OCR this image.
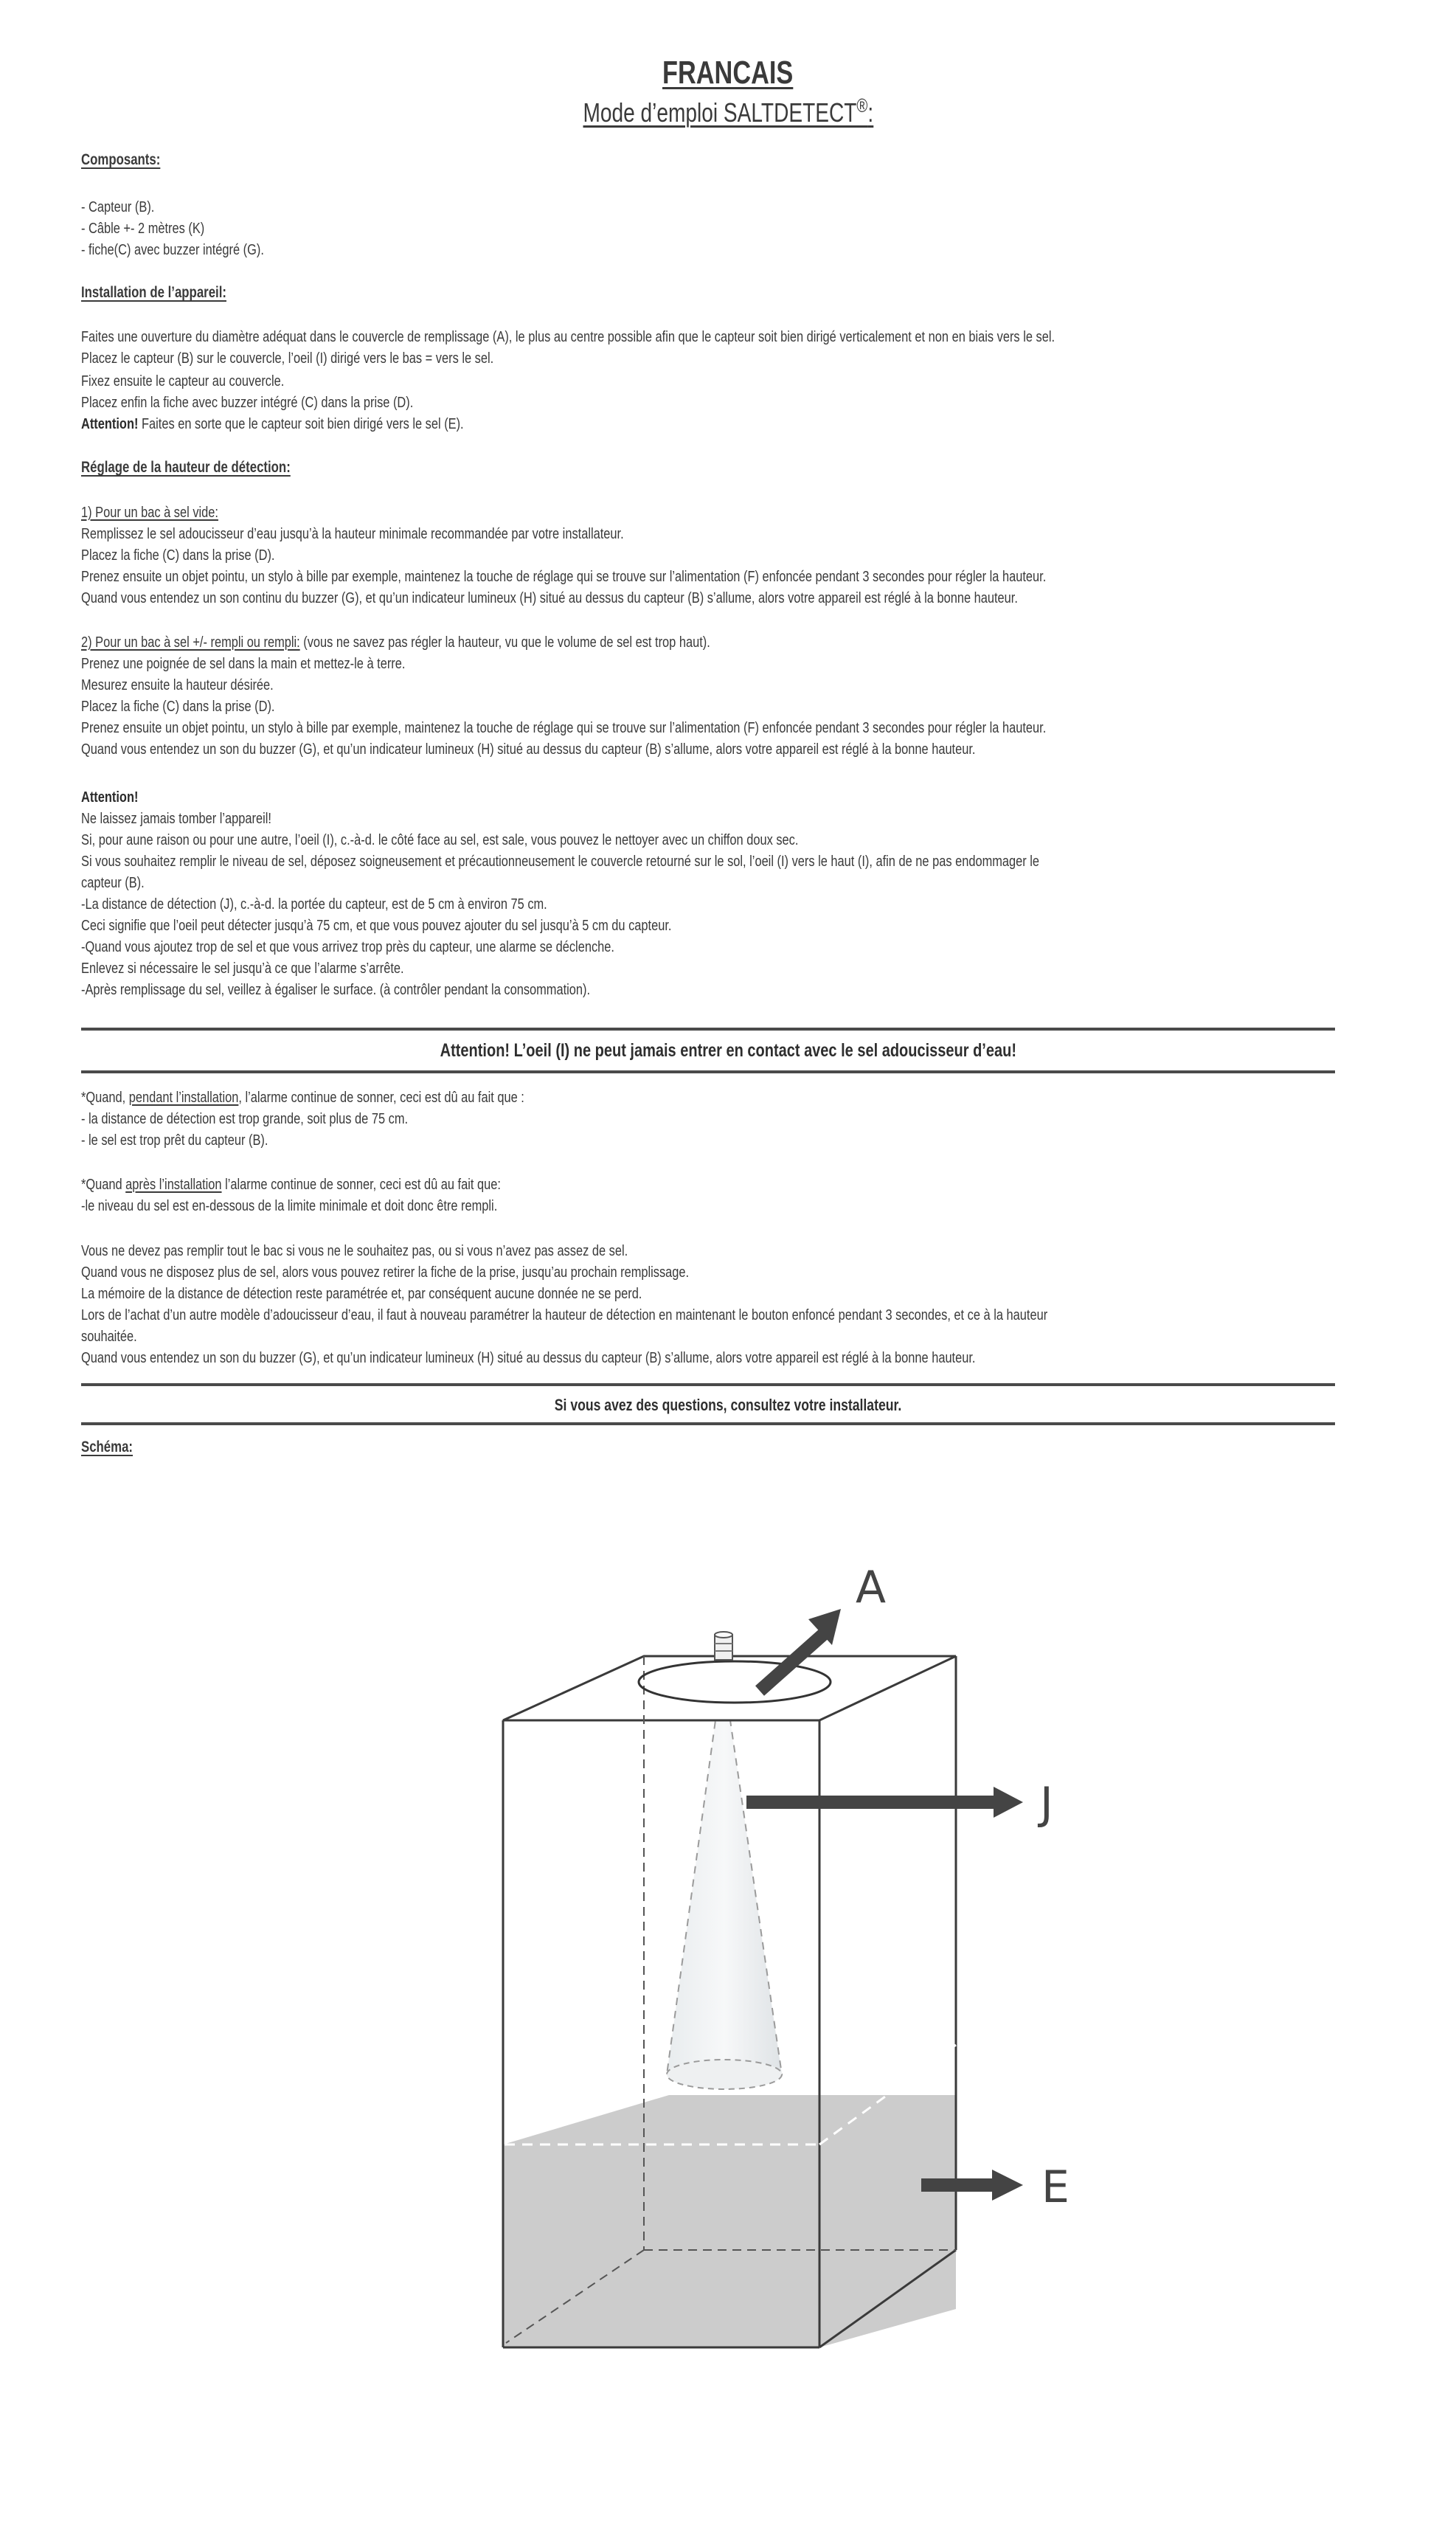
FRANCAIS
Mode d’emploi SALTDETECT®:
Composants:
- Capteur (B).
- Câble +- 2 mètres (K)
- fiche(C) avec buzzer intégré (G).
Installation de l’appareil:
Faites une ouverture du diamètre adéquat dans le couvercle de remplissage (A), le plus au centre possible afin que le capteur soit bien dirigé verticalement et non en biais vers le sel.
Placez le capteur (B) sur le couvercle, l’oeil (I) dirigé vers le bas = vers le sel.
Fixez ensuite le capteur au couvercle.
Placez enfin la fiche avec buzzer intégré (C) dans la prise (D).
Attention! Faites en sorte que le capteur soit bien dirigé vers le sel (E).
Réglage de la hauteur de détection:
1) Pour un bac à sel vide:
Remplissez le sel adoucisseur d’eau jusqu’à la hauteur minimale recommandée par votre installateur.
Placez la fiche (C) dans la prise (D).
Prenez ensuite un objet pointu, un stylo à bille par exemple, maintenez la touche de réglage qui se trouve sur l’alimentation (F) enfoncée pendant 3 secondes pour régler la hauteur.
Quand vous entendez un son continu du buzzer (G), et qu’un indicateur lumineux (H) situé au dessus du capteur (B) s’allume, alors votre appareil est réglé à la bonne hauteur.
2) Pour un bac à sel +/- rempli ou rempli: (vous ne savez pas régler la hauteur, vu que le volume de sel est trop haut).
Prenez une poignée de sel dans la main et mettez-le à terre.
Mesurez ensuite la hauteur désirée.
Placez la fiche (C) dans la prise (D).
Prenez ensuite un objet pointu, un stylo à bille par exemple, maintenez la touche de réglage qui se trouve sur l’alimentation (F) enfoncée pendant 3 secondes pour régler la hauteur.
Quand vous entendez un son du buzzer (G), et qu’un indicateur lumineux (H) situé au dessus du capteur (B) s’allume, alors votre appareil est réglé à la bonne hauteur.
Attention!
Ne laissez jamais tomber l’appareil!
Si, pour aune raison ou pour une autre, l’oeil (I), c.-à-d. le côté face au sel, est sale, vous pouvez le nettoyer avec un chiffon doux sec.
Si vous souhaitez remplir le niveau de sel, déposez soigneusement et précautionneusement le couvercle retourné sur le sol, l’oeil (I) vers le haut (I), afin de ne pas endommager le
capteur (B).
-La distance de détection (J), c.-à-d. la portée du capteur, est de 5 cm à environ 75 cm.
Ceci signifie que l’oeil peut détecter jusqu’à 75 cm, et que vous pouvez ajouter du sel jusqu’à 5 cm du capteur.
-Quand vous ajoutez trop de sel et que vous arrivez trop près du capteur, une alarme se déclenche.
Enlevez si nécessaire le sel jusqu’à ce que l’alarme s’arrête.
-Après remplissage du sel, veillez à égaliser le surface. (à contrôler pendant la consommation).
Attention! L’oeil (I) ne peut jamais entrer en contact avec le sel adoucisseur d’eau!
*Quand, pendant l’installation, l’alarme continue de sonner, ceci est dû au fait que :
- la distance de détection est trop grande, soit plus de 75 cm.
- le sel est trop prêt du capteur (B).
*Quand après l’installation l’alarme continue de sonner, ceci est dû au fait que:
-le niveau du sel est en-dessous de la limite minimale et doit donc être rempli.
Vous ne devez pas remplir tout le bac si vous ne le souhaitez pas, ou si vous n’avez pas assez de sel.
Quand vous ne disposez plus de sel, alors vous pouvez retirer la fiche de la prise, jusqu’au prochain remplissage.
La mémoire de la distance de détection reste paramétrée et, par conséquent aucune donnée ne se perd.
Lors de l’achat d’un autre modèle d’adoucisseur d’eau, il faut à nouveau paramétrer la hauteur de détection en maintenant le bouton enfoncé pendant 3 secondes, et ce à la hauteur
souhaitée.
Quand vous entendez un son du buzzer (G), et qu’un indicateur lumineux (H) situé au dessus du capteur (B) s’allume, alors votre appareil est réglé à la bonne hauteur.
Si vous avez des questions, consultez votre installateur.
Schéma:
A
J
E
